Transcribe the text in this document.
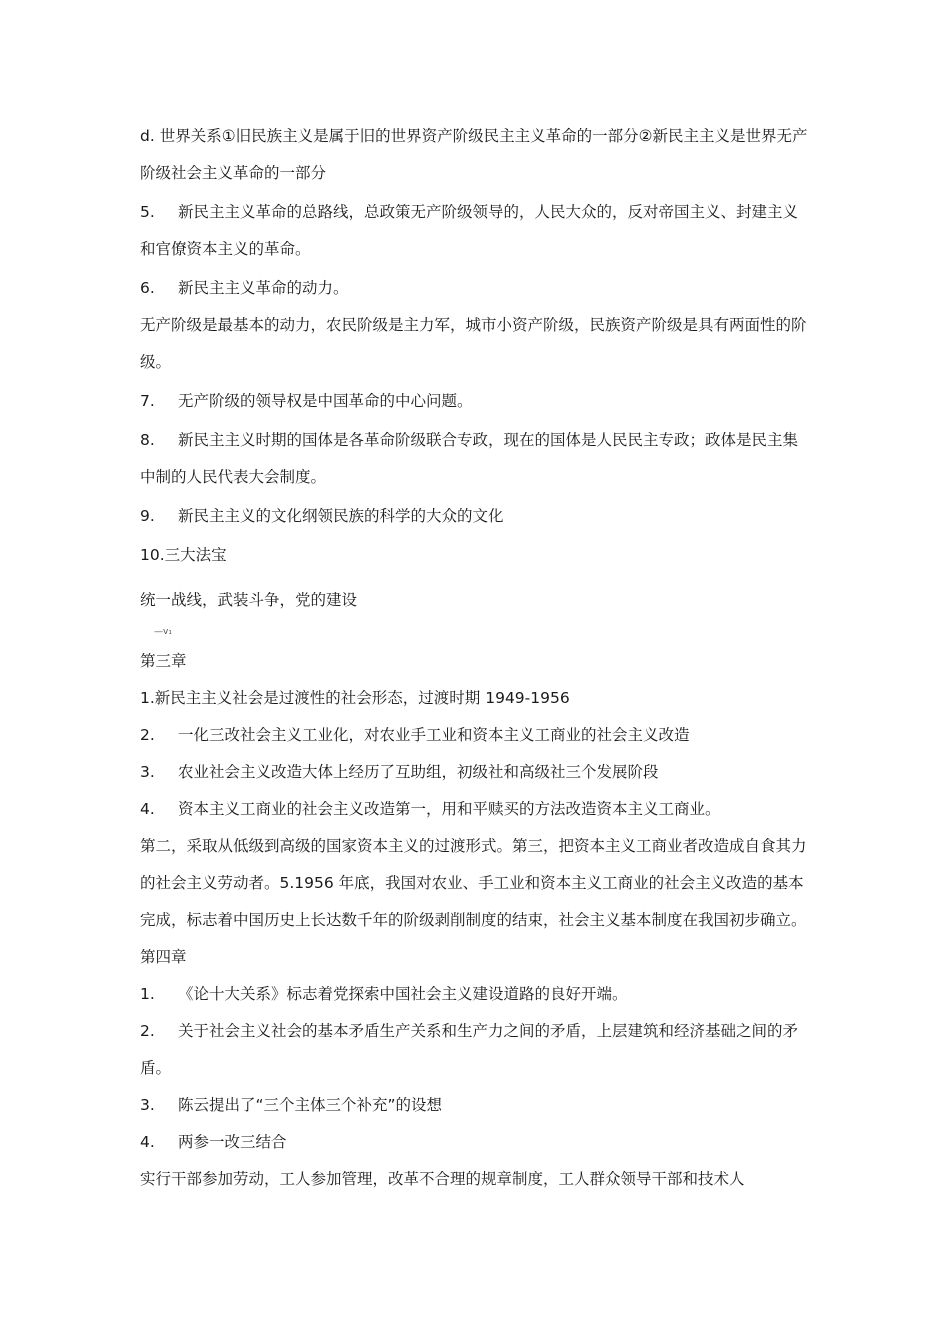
d. 世界关系①旧民族主义是属于旧的世界资产阶级民主主义革命的一部分②新民主主义是世界无产阶级社会主义革命的一部分

5. 新民主主义革命的总路线，总政策无产阶级领导的，人民大众的，反对帝国主义、封建主义和官僚资本主义的革命。

6. 新民主主义革命的动力。

无产阶级是最基本的动力，农民阶级是主力军，城市小资产阶级，民族资产阶级是具有两面性的阶级。

7. 无产阶级的领导权是中国革命的中心问题。

8. 新民主主义时期的国体是各革命阶级联合专政，现在的国体是人民民主专政；政体是民主集中制的人民代表大会制度。

9. 新民主主义的文化纲领民族的科学的大众的文化

10.三大法宝

统一战线，武装斗争，党的建设

—v₁

第三章

1.新民主主义社会是过渡性的社会形态，过渡时期 1949-1956

2. 一化三改社会主义工业化，对农业手工业和资本主义工商业的社会主义改造

3. 农业社会主义改造大体上经历了互助组，初级社和高级社三个发展阶段

4. 资本主义工商业的社会主义改造第一，用和平赎买的方法改造资本主义工商业。

第二，采取从低级到高级的国家资本主义的过渡形式。第三，把资本主义工商业者改造成自食其力的社会主义劳动者。5.1956 年底，我国对农业、手工业和资本主义工商业的社会主义改造的基本完成，标志着中国历史上长达数千年的阶级剥削制度的结束，社会主义基本制度在我国初步确立。

第四章

1. 《论十大关系》标志着党探索中国社会主义建设道路的良好开端。

2. 关于社会主义社会的基本矛盾生产关系和生产力之间的矛盾，上层建筑和经济基础之间的矛盾。

3. 陈云提出了“三个主体三个补充”的设想

4. 两参一改三结合

实行干部参加劳动，工人参加管理，改革不合理的规章制度，工人群众领导干部和技术人
